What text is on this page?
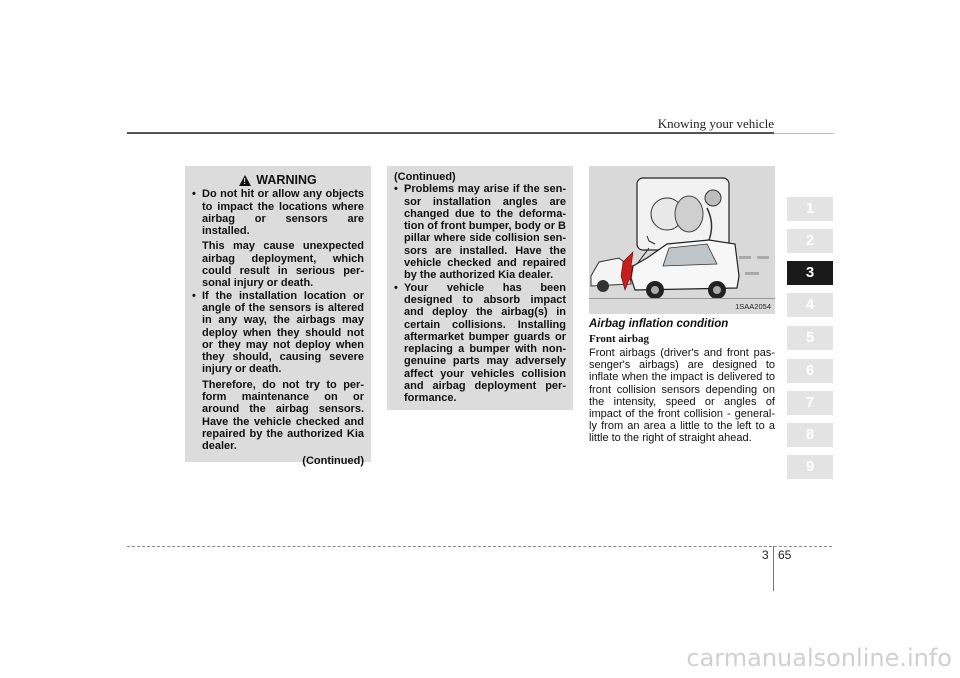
Knowing your vehicle
!
WARNING
• Do not hit or allow any objects to impact the locations where airbag or sensors are installed.

This may cause unexpected airbag deployment, which could result in serious per-sonal injury or death.

• If the installation location or angle of the sensors is altered in any way, the airbags may deploy when they should not or they may not deploy when they should, causing severe injury or death.

Therefore, do not try to per-form maintenance on or around the airbag sensors. Have the vehicle checked and repaired by the authorized Kia dealer.

(Continued)
(Continued)
• Problems may arise if the sen-sor installation angles are changed due to the deforma-tion of front bumper, body or B pillar where side collision sen-sors are installed. Have the vehicle checked and repaired by the authorized Kia dealer.
• Your vehicle has been designed to absorb impact and deploy the airbag(s) in certain collisions. Installing aftermarket bumper guards or replacing a bumper with non-genuine parts may adversely affect your vehicles collision and airbag deployment per-formance.
1SAA2054
Airbag inflation condition
Front airbag
Front airbags (driver's and front pas-senger's airbags) are designed to inflate when the impact is delivered to front collision sensors depending on the intensity, speed or angles of impact of the front collision - general-ly from an area a little to the left to a little to the right of straight ahead.
1
2
3
4
5
6
7
8
9
3 65
carmanualsonline.info
